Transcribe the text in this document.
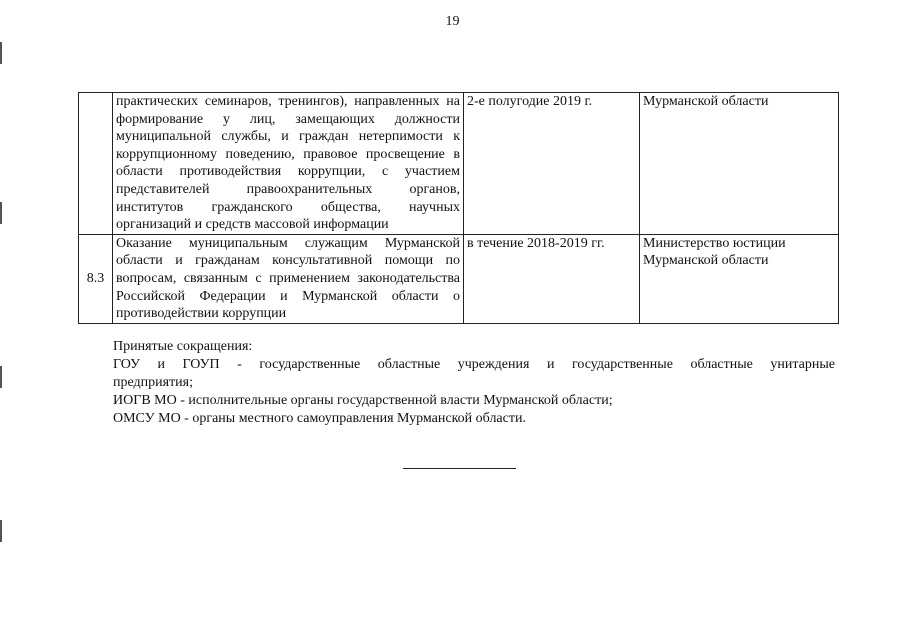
19
	практических семинаров, тренингов), направленных на формирование у лиц, замещающих должности муниципальной службы, и граждан нетерпимости к коррупционному поведению, правовое просвещение в области противодействия коррупции, с участием представителей правоохранительных органов, институтов гражданского общества, научных организаций и средств массовой информации	2-е полугодие 2019 г.	Мурманской области
8.3	Оказание муниципальным служащим Мурманской области и гражданам консультативной помощи по вопросам, связанным с применением законодательства Российской Федерации и Мурманской области о противодействии коррупции	в течение 2018-2019 гг.	Министерство юстиции Мурманской области

Принятые сокращения:

ГОУ и ГОУП - государственные областные учреждения и государственные областные унитарные

предприятия;

ИОГВ МО - исполнительные органы государственной власти Мурманской области;

ОМСУ МО - органы местного самоуправления Мурманской области.
